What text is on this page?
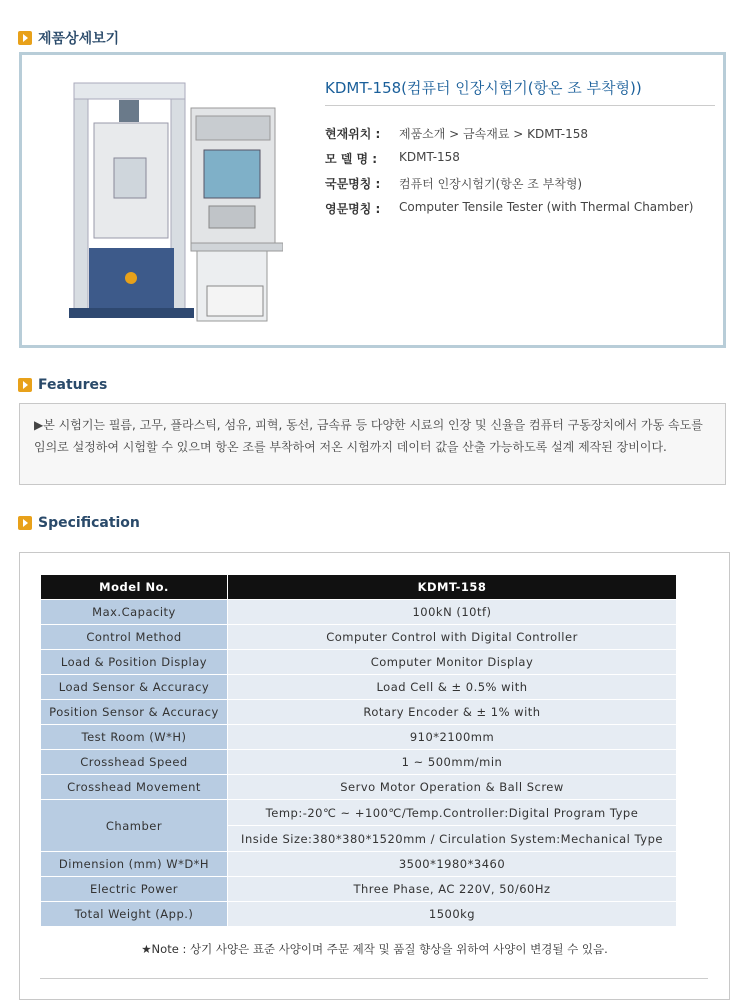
제품상세보기
KDMT-158(컴퓨터 인장시험기(항온 조 부착형))
현재위치 :	제품소개 > 금속재료 > KDMT-158
모 델 명 :	KDMT-158
국문명칭 :	컴퓨터 인장시험기(항온 조 부착형)
영문명칭 :	Computer Tensile Tester (with Thermal Chamber)
Features

▶본 시험기는 필름, 고무, 플라스틱, 섬유, 피혁, 동선, 금속류 등 다양한 시료의 인장 및 신율을 컴퓨터 구동장치에서 가동 속도를 임의로 설정하여 시험할 수 있으며 항온 조를 부착하여 저온 시험까지 데이터 값을 산출 가능하도록 설계 제작된 장비이다.

Specification
Model No.	KDMT-158
Max.Capacity	100kN (10tf)
Control Method	Computer Control with Digital Controller
Load & Position Display	Computer Monitor Display
Load Sensor & Accuracy	Load Cell & ± 0.5% with
Position Sensor & Accuracy	Rotary Encoder & ± 1% with
Test Room (W*H)	910*2100mm
Crosshead Speed	1 ~ 500mm/min
Crosshead Movement	Servo Motor Operation & Ball Screw
Chamber	Temp:-20℃ ~ +100℃/Temp.Controller:Digital Program Type
	Inside Size:380*380*1520mm / Circulation System:Mechanical Type
Dimension (mm) W*D*H	3500*1980*3460
Electric Power	Three Phase, AC 220V, 50/60Hz
Total Weight (App.)	1500kg
★Note : 상기 사양은 표준 사양이며 주문 제작 및 품질 향상을 위하여 사양이 변경될 수 있음.
